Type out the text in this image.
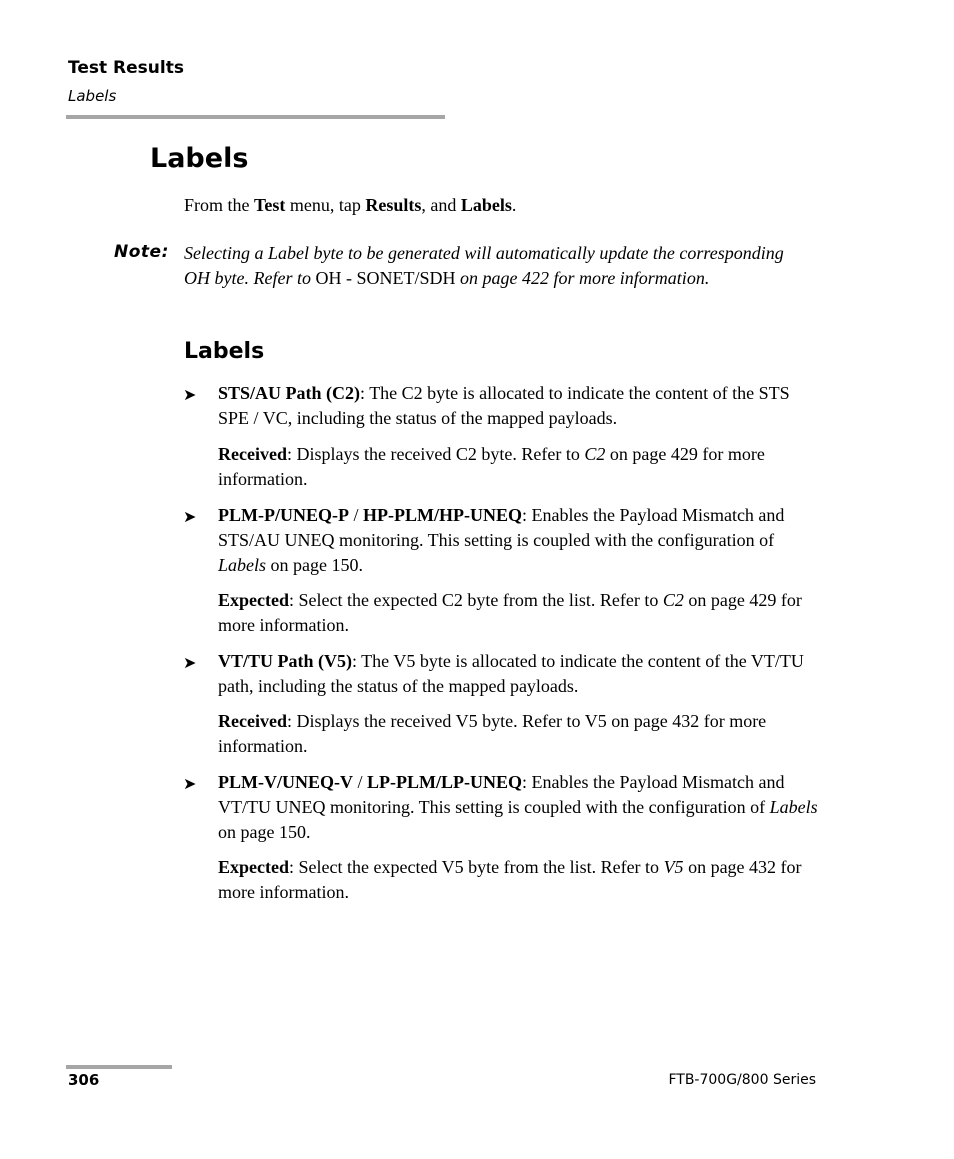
Test Results
Labels
Labels
From the Test menu, tap Results, and Labels.
Note: Selecting a Label byte to be generated will automatically update the corresponding OH byte. Refer to OH - SONET/SDH on page 422 for more information.
Labels
➤ STS/AU Path (C2): The C2 byte is allocated to indicate the content of the STS SPE / VC, including the status of the mapped payloads.
Received: Displays the received C2 byte. Refer to C2 on page 429 for more information.
➤ PLM-P/UNEQ-P / HP-PLM/HP-UNEQ: Enables the Payload Mismatch and STS/AU UNEQ monitoring. This setting is coupled with the configuration of Labels on page 150.
Expected: Select the expected C2 byte from the list. Refer to C2 on page 429 for more information.
➤ VT/TU Path (V5): The V5 byte is allocated to indicate the content of the VT/TU path, including the status of the mapped payloads.
Received: Displays the received V5 byte. Refer to V5 on page 432 for more information.
➤ PLM-V/UNEQ-V / LP-PLM/LP-UNEQ: Enables the Payload Mismatch and VT/TU UNEQ monitoring. This setting is coupled with the configuration of Labels on page 150.
Expected: Select the expected V5 byte from the list. Refer to V5 on page 432 for more information.
306	FTB-700G/800 Series
